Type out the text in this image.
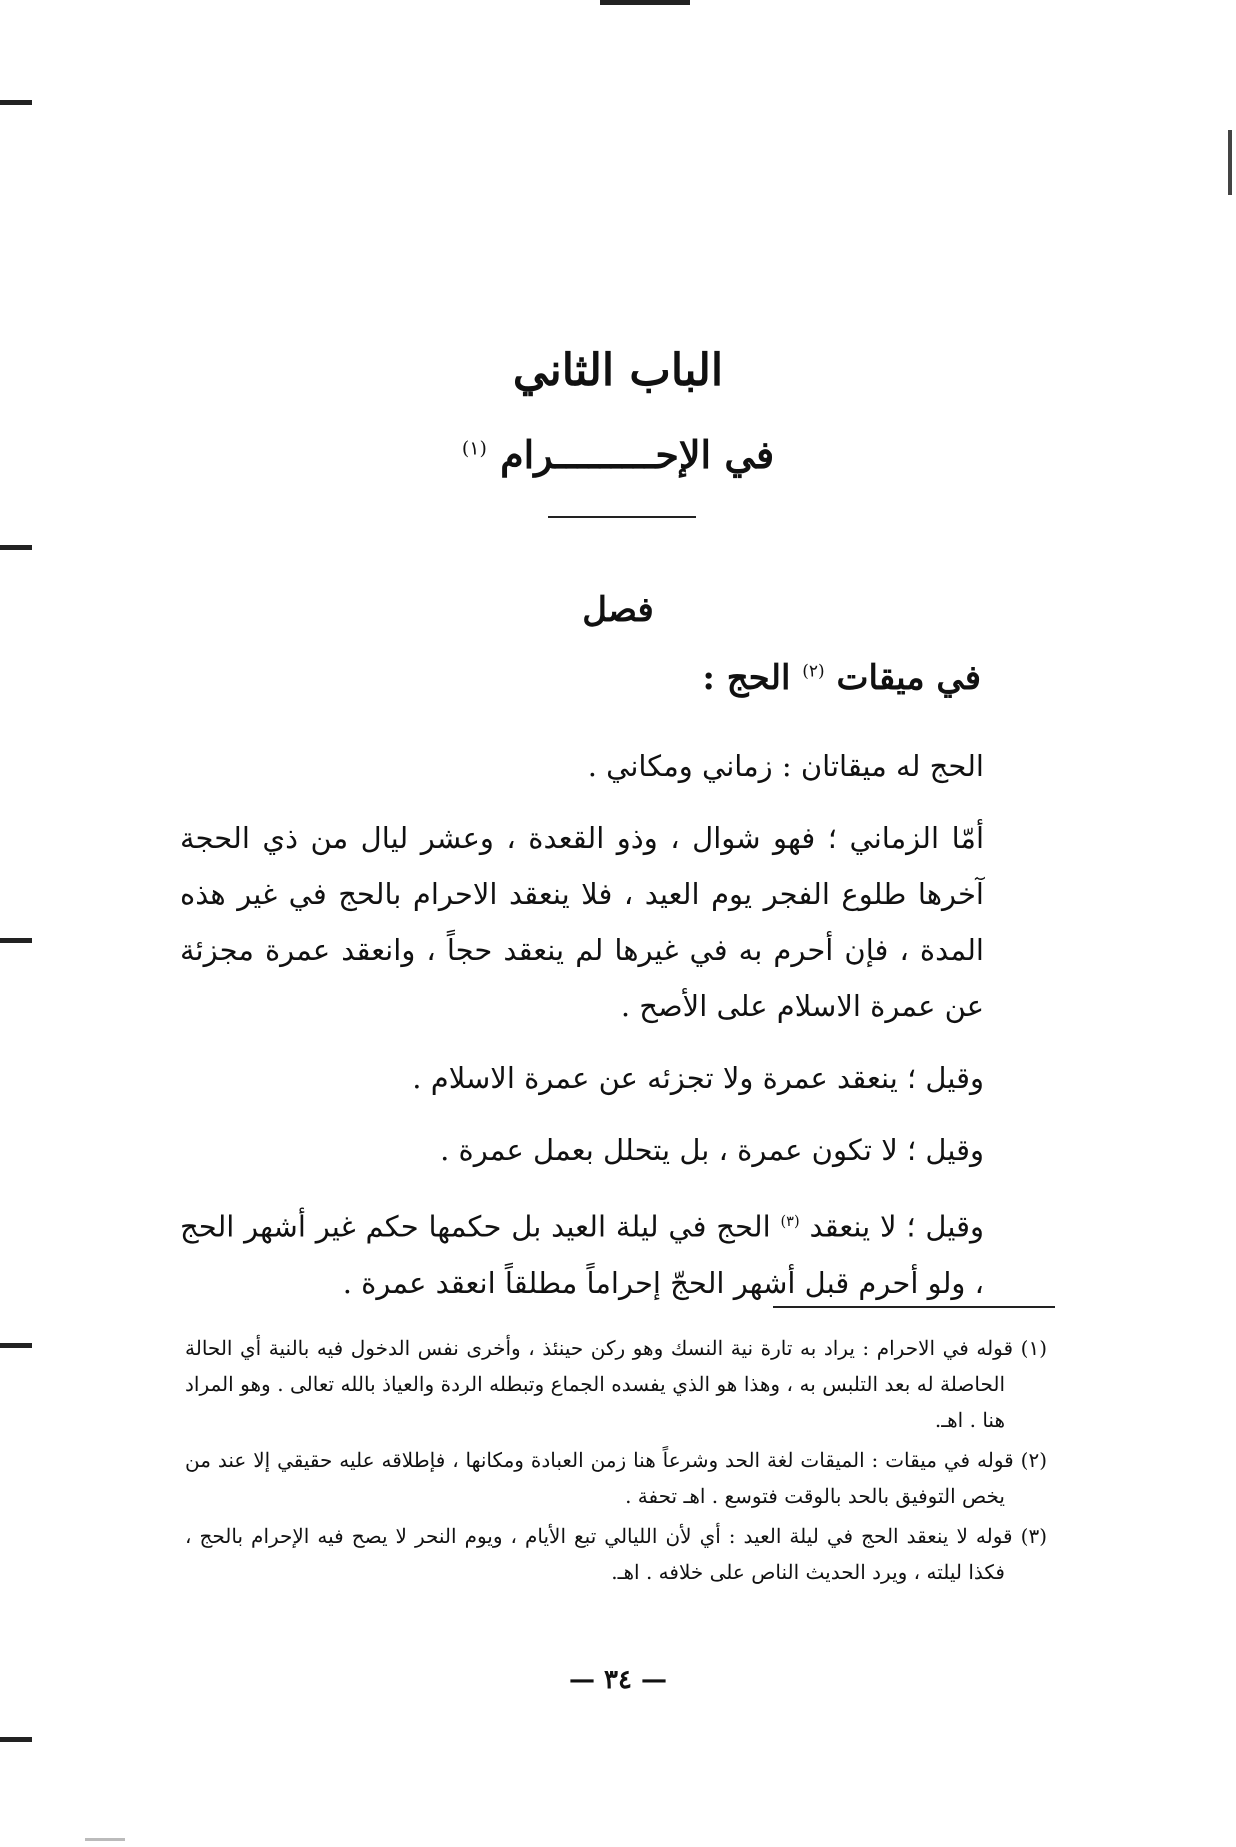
الباب الثاني
في الإحـــــــــرام $^{(١)}$
فصل
في ميقات $^{(٢)}$ الحج :

الحج له ميقاتان : زماني ومكاني .

أمّا الزماني ؛ فهو شوال ، وذو القعدة ، وعشر ليال من ذي الحجة آخرها طلوع الفجر يوم العيد ، فلا ينعقد الاحرام بالحج في غير هذه المدة ، فإن أحرم به في غيرها لم ينعقد حجاً ، وانعقد عمرة مجزئة عن عمرة الاسلام على الأصح .

وقيل ؛ ينعقد عمرة ولا تجزئه عن عمرة الاسلام .

وقيل ؛ لا تكون عمرة ، بل يتحلل بعمل عمرة .

وقيل ؛ لا ينعقد $^{(٣)}$ الحج في ليلة العيد بل حكمها حكم غير أشهر الحج ، ولو أحرم قبل أشهر الحجّ إحراماً مطلقاً انعقد عمرة .

(١) قوله في الاحرام : يراد به تارة نية النسك وهو ركن حينئذ ، وأخرى نفس الدخول فيه بالنية أي الحالة الحاصلة له بعد التلبس به ، وهذا هو الذي يفسده الجماع وتبطله الردة والعياذ بالله تعالى . وهو المراد هنا . اهـ.

(٢) قوله في ميقات : الميقات لغة الحد وشرعاً هنا زمن العبادة ومكانها ، فإطلاقه عليه حقيقي إلا عند من يخص التوفيق بالحد بالوقت فتوسع . اهـ تحفة .

(٣) قوله لا ينعقد الحج في ليلة العيد : أي لأن الليالي تبع الأيام ، ويوم النحر لا يصح فيه الإحرام بالحج ، فكذا ليلته ، ويرد الحديث الناص على خلافه . اهـ.

— ٣٤ —
